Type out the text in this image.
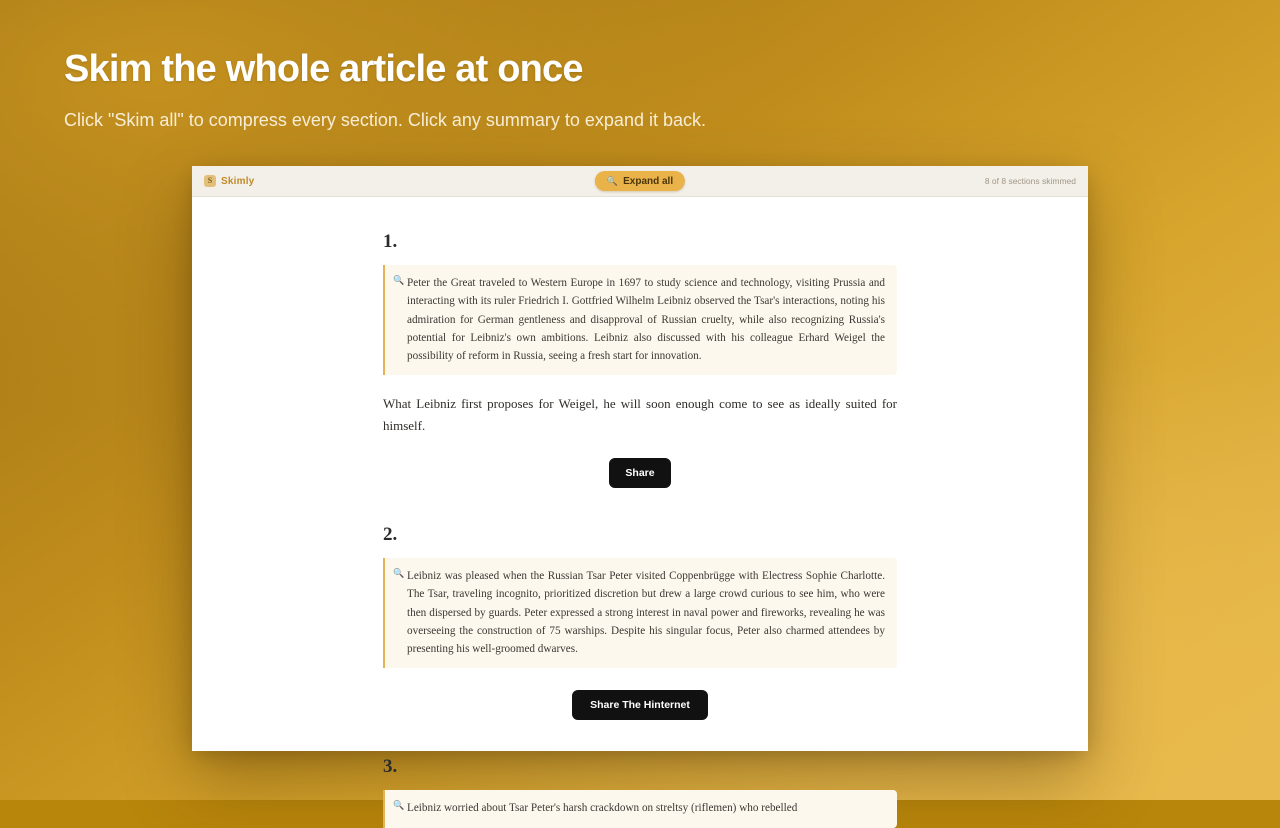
Skim the whole article at once
Click "Skim all" to compress every section. Click any summary to expand it back.
S Skimly	🔍 Expand all	8 of 8 sections skimmed
1.
🔍 Peter the Great traveled to Western Europe in 1697 to study science and technology, visiting Prussia and interacting with its ruler Friedrich I. Gottfried Wilhelm Leibniz observed the Tsar's interactions, noting his admiration for German gentleness and disapproval of Russian cruelty, while also recognizing Russia's potential for Leibniz's own ambitions. Leibniz also discussed with his colleague Erhard Weigel the possibility of reform in Russia, seeing a fresh start for innovation.

What Leibniz first proposes for Weigel, he will soon enough come to see as ideally suited for himself.

Share
2.
🔍 Leibniz was pleased when the Russian Tsar Peter visited Coppenbrügge with Electress Sophie Charlotte. The Tsar, traveling incognito, prioritized discretion but drew a large crowd curious to see him, who were then dispersed by guards. Peter expressed a strong interest in naval power and fireworks, revealing he was overseeing the construction of 75 warships. Despite his singular focus, Peter also charmed attendees by presenting his well-groomed dwarves.

Share The Hinternet
3.
🔍 Leibniz worried about Tsar Peter's harsh crackdown on streltsy (riflemen) who rebelled
